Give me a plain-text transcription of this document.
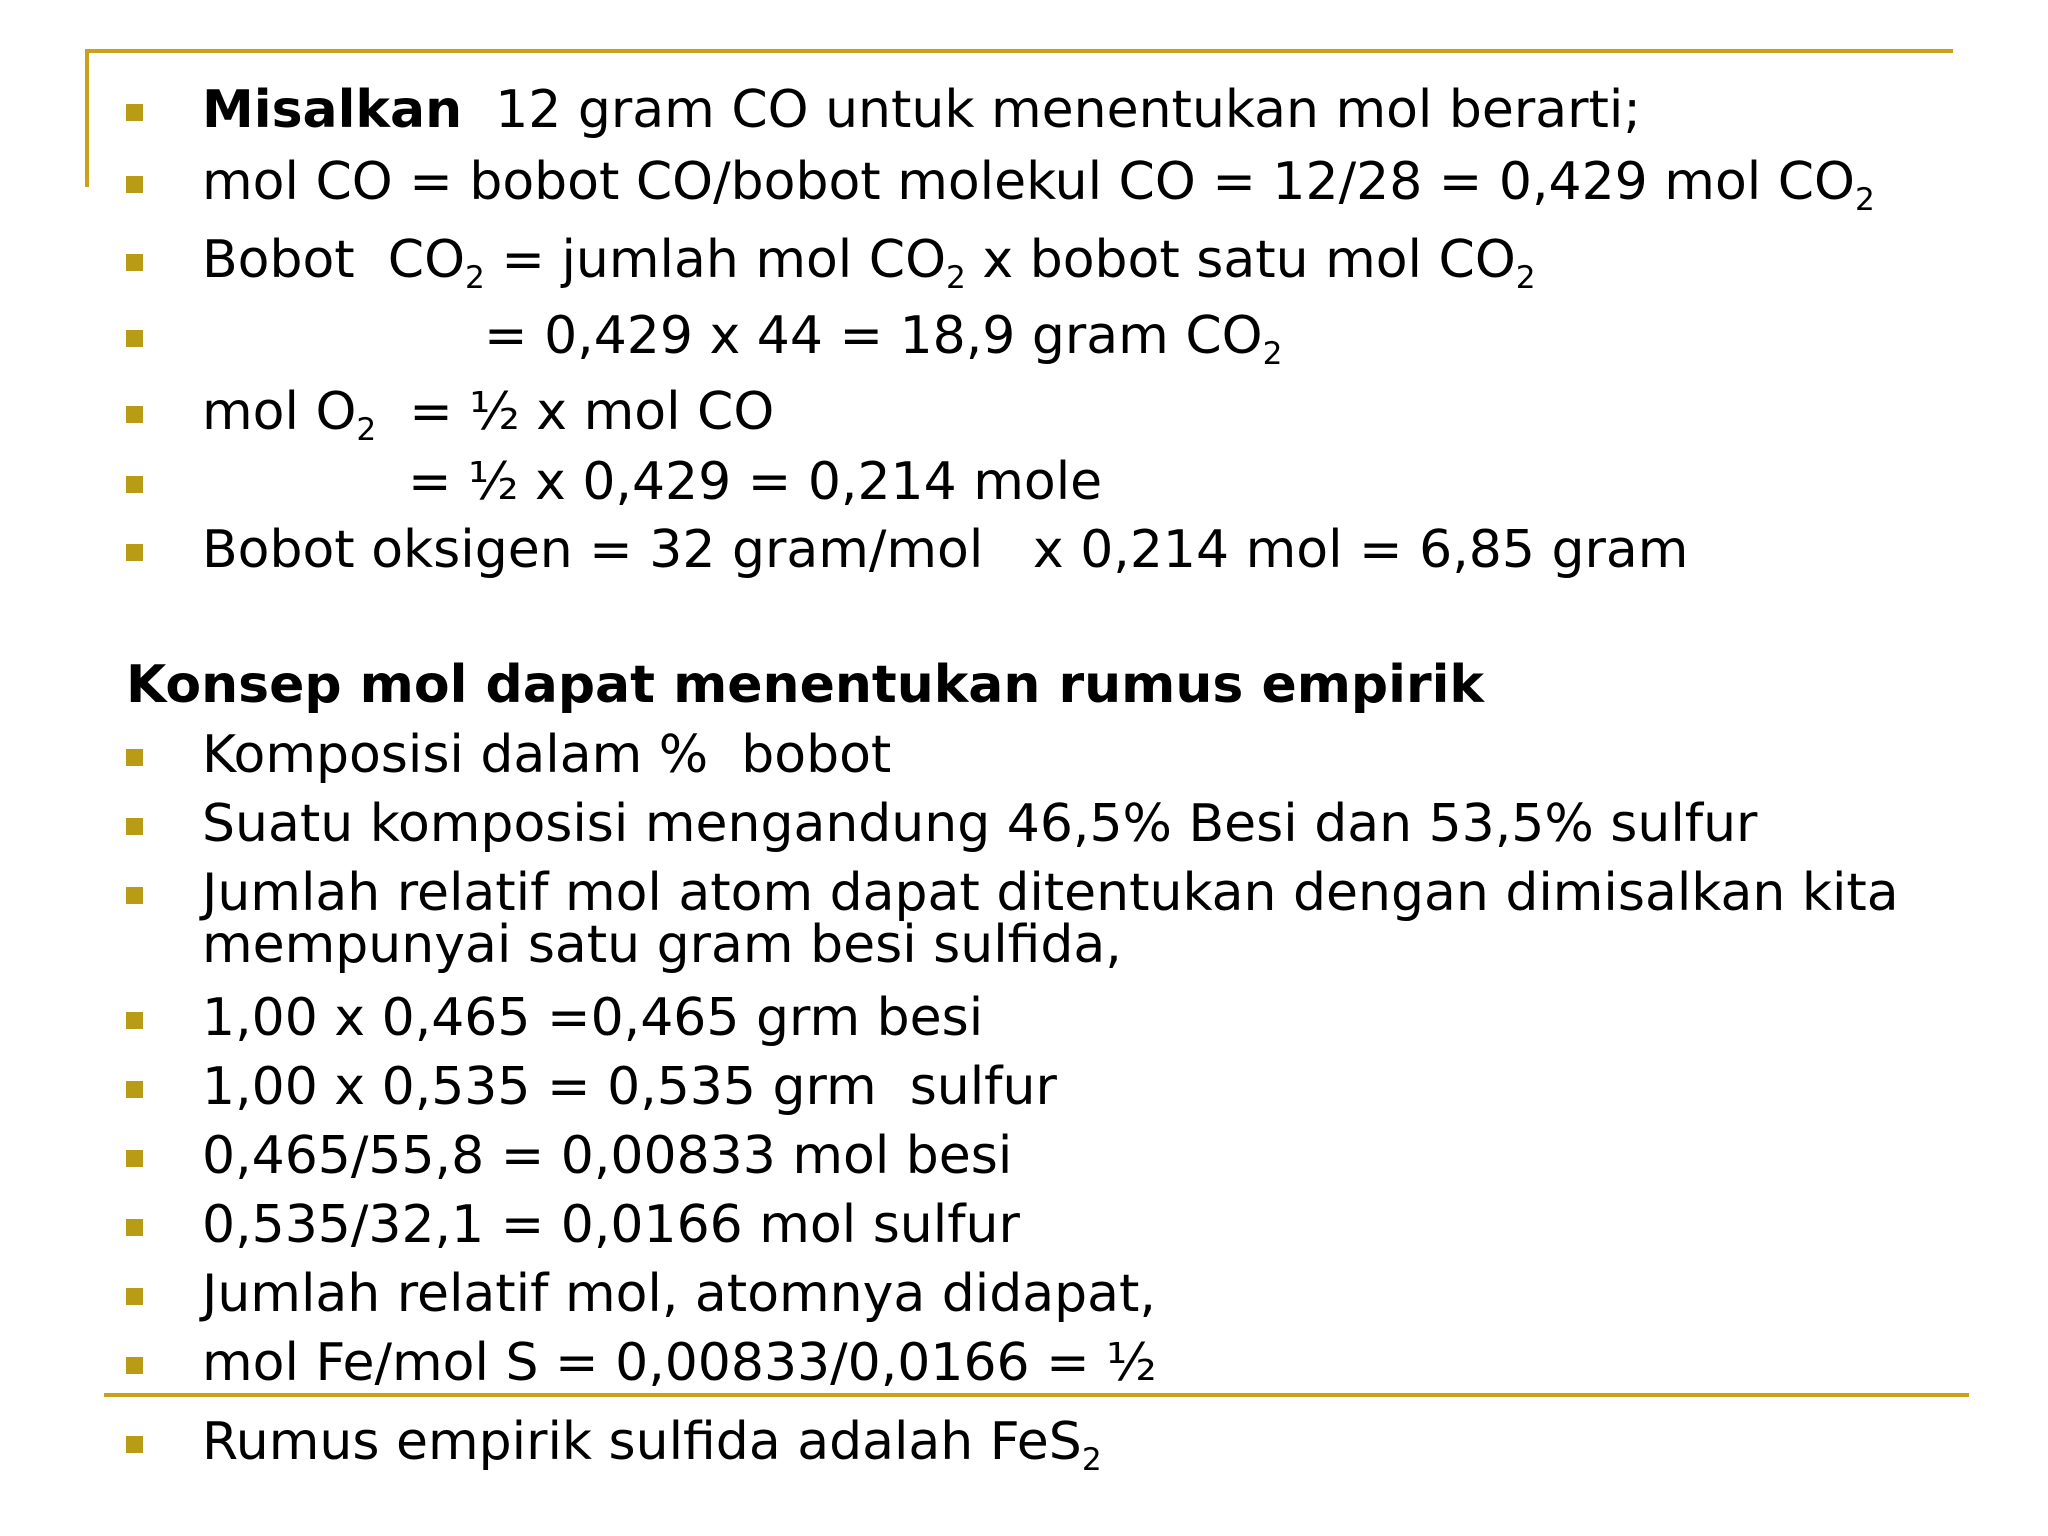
Misalkan  12 gram CO untuk menentukan mol berarti;
mol CO = bobot CO/bobot molekul CO = 12/28 = 0,429 mol $CO_2$
Bobot  $CO_2$ = jumlah mol $CO_2$ x bobot satu mol $CO_2$
= 0,429 x 44 = 18,9 gram $CO_2$
mol $O_2$  = ½ x mol CO
= ½ x 0,429 = 0,214 mole
Bobot oksigen = 32 gram/mol   x 0,214 mol = 6,85 gram
Konsep mol dapat menentukan rumus empirik
Komposisi dalam %  bobot
Suatu komposisi mengandung 46,5% Besi dan 53,5% sulfur
Jumlah relatif mol atom dapat ditentukan dengan dimisalkan kita
mempunyai satu gram besi sulfida,
1,00 x 0,465 =0,465 grm besi
1,00 x 0,535 = 0,535 grm  sulfur
0,465/55,8 = 0,00833 mol besi
0,535/32,1 = 0,0166 mol sulfur
Jumlah relatif mol, atomnya didapat,
mol Fe/mol S = 0,00833/0,0166 = ½
Rumus empirik sulfida adalah FeS$_2$
